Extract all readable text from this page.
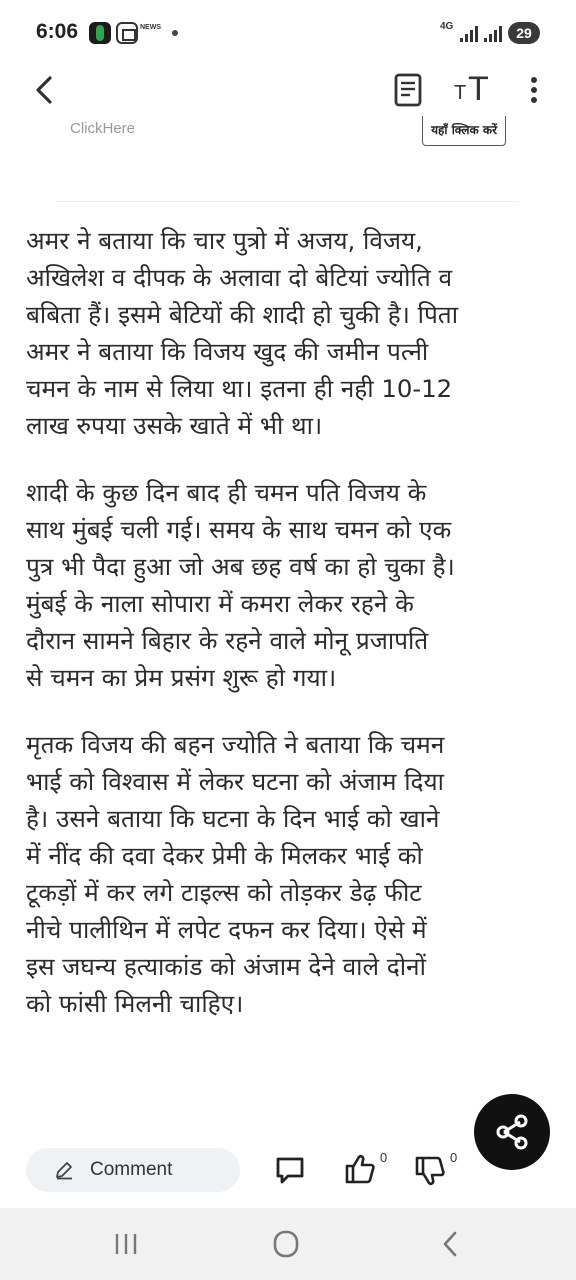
6:06	NEWS	4G	29
T T
ClickHere	यहाँ क्लिक करें
अमर ने बताया कि चार पुत्रो में अजय, विजय,
अखिलेश व दीपक के अलावा दो बेटियां ज्योति व
बबिता हैं। इसमे बेटियों की शादी हो चुकी है। पिता
अमर ने बताया कि विजय खुद की जमीन पत्नी
चमन के नाम से लिया था। इतना ही नही 10-12
लाख रुपया उसके खाते में भी था।
शादी के कुछ दिन बाद ही चमन पति विजय के
साथ मुंबई चली गई। समय के साथ चमन को एक
पुत्र भी पैदा हुआ जो अब छह वर्ष का हो चुका है।
मुंबई के नाला सोपारा में कमरा लेकर रहने के
दौरान सामने बिहार के रहने वाले मोनू प्रजापति
से चमन का प्रेम प्रसंग शुरू हो गया।
मृतक विजय की बहन ज्योति ने बताया कि चमन
भाई को विश्वास में लेकर घटना को अंजाम दिया
है। उसने बताया कि घटना के दिन भाई को खाने
में नींद की दवा देकर प्रेमी के मिलकर भाई को
टूकड़ों में कर लगे टाइल्स को तोड़कर डेढ़ फीट
नीचे पालीथिन में लपेट दफन कर दिया। ऐसे में
इस जघन्य हत्याकांड को अंजाम देने वाले दोनों
को फांसी मिलनी चाहिए।
Comment
0	0
